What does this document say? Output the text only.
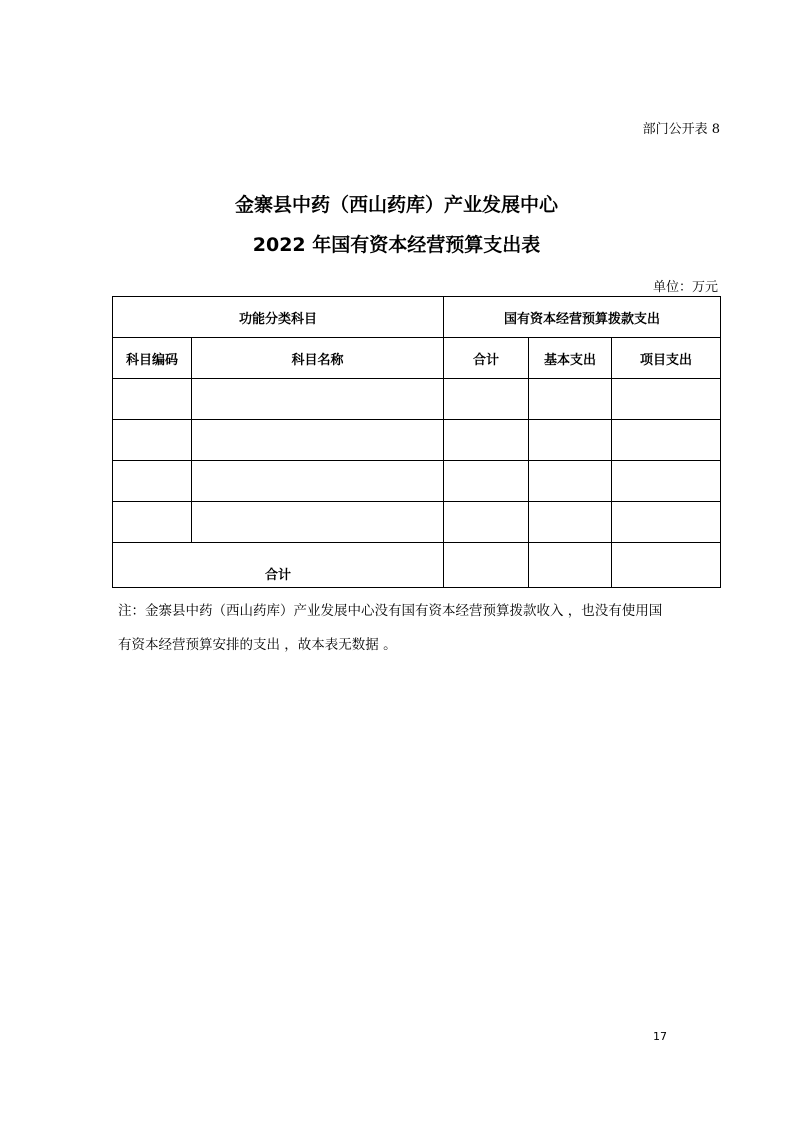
部门公开表 8
金寨县中药（西山药库）产业发展中心
2022 年国有资本经营预算支出表
单位：万元
功能分类科目		国有资本经营预算拨款支出		
科目编码	科目名称	合计	基本支出	项目支出

合计				

注：金寨县中药（西山药库）产业发展中心没有国有资本经营预算拨款收入 ，也没有使用国

有资本经营预算安排的支出 ，故本表无数据 。

17
